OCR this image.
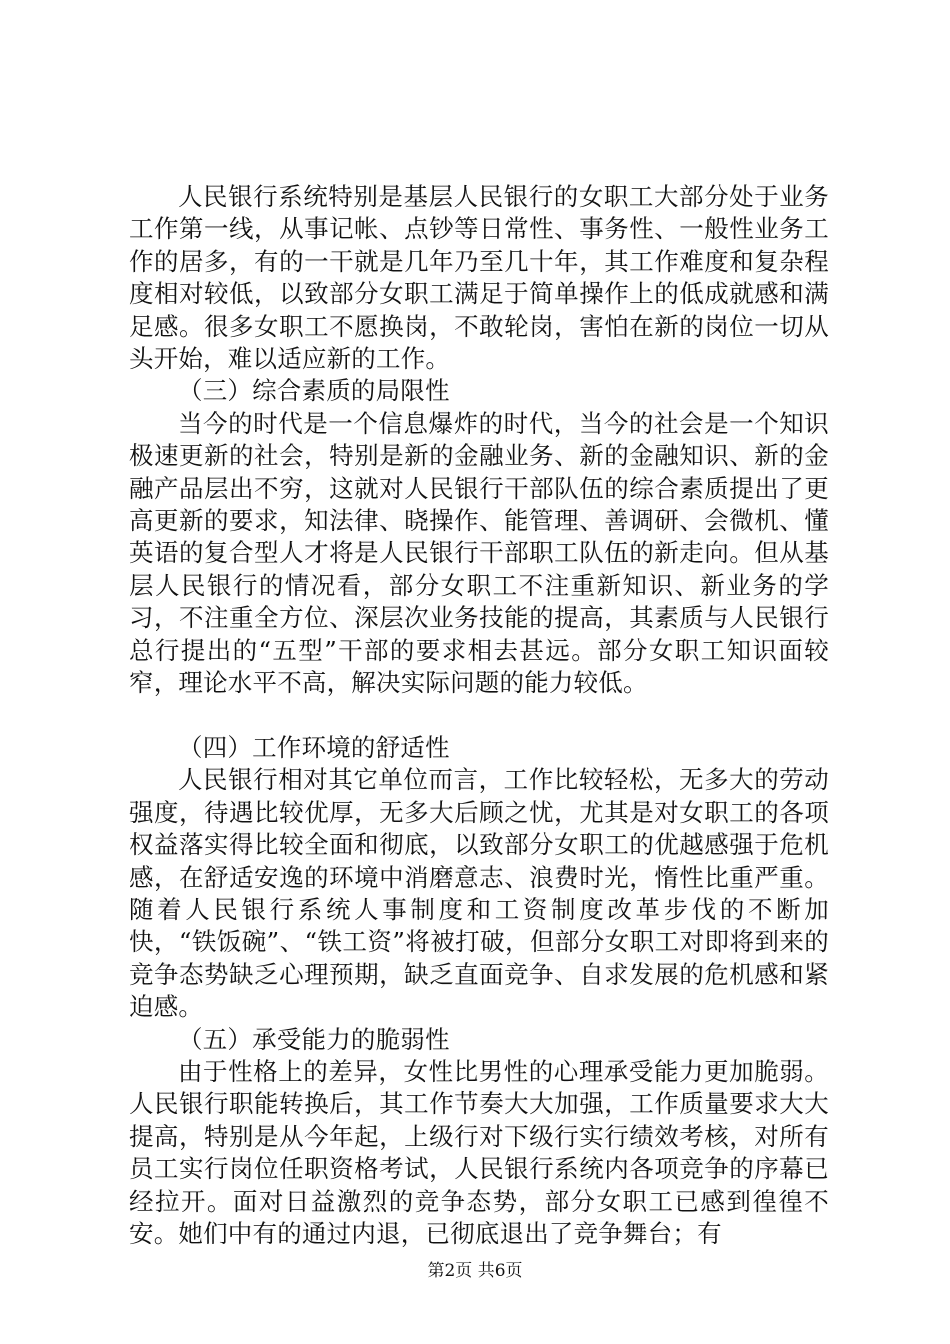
人民银行系统特别是基层人民银行的女职工大部分处于业务工作第一线，从事记帐、点钞等日常性、事务性、一般性业务工作的居多，有的一干就是几年乃至几十年，其工作难度和复杂程度相对较低，以致部分女职工满足于简单操作上的低成就感和满足感。很多女职工不愿换岗，不敢轮岗，害怕在新的岗位一切从头开始，难以适应新的工作。

（三）综合素质的局限性

当今的时代是一个信息爆炸的时代，当今的社会是一个知识极速更新的社会，特别是新的金融业务、新的金融知识、新的金融产品层出不穷，这就对人民银行干部队伍的综合素质提出了更高更新的要求，知法律、晓操作、能管理、善调研、会微机、懂英语的复合型人才将是人民银行干部职工队伍的新走向。但从基层人民银行的情况看，部分女职工不注重新知识、新业务的学习，不注重全方位、深层次业务技能的提高，其素质与人民银行总行提出的“五型”干部的要求相去甚远。部分女职工知识面较窄，理论水平不高，解决实际问题的能力较低。

（四）工作环境的舒适性

人民银行相对其它单位而言，工作比较轻松，无多大的劳动强度，待遇比较优厚，无多大后顾之忧，尤其是对女职工的各项权益落实得比较全面和彻底，以致部分女职工的优越感强于危机感，在舒适安逸的环境中消磨意志、浪费时光，惰性比重严重。随着人民银行系统人事制度和工资制度改革步伐的不断加快，“铁饭碗”、“铁工资”将被打破，但部分女职工对即将到来的竞争态势缺乏心理预期，缺乏直面竞争、自求发展的危机感和紧迫感。

（五）承受能力的脆弱性

由于性格上的差异，女性比男性的心理承受能力更加脆弱。人民银行职能转换后，其工作节奏大大加强，工作质量要求大大提高，特别是从今年起，上级行对下级行实行绩效考核，对所有员工实行岗位任职资格考试，人民银行系统内各项竞争的序幕已经拉开。面对日益激烈的竞争态势，部分女职工已感到徨徨不安。她们中有的通过内退，已彻底退出了竞争舞台；有

第2页 共6页
